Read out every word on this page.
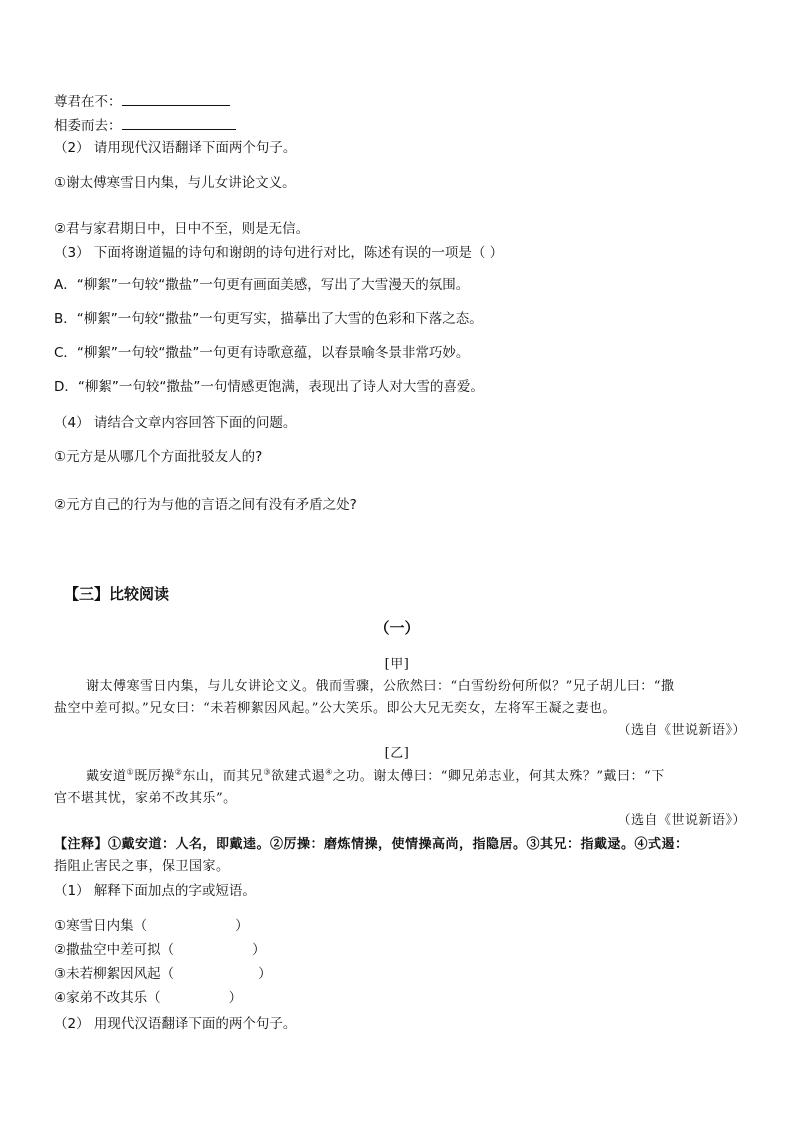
尊君在不：
相委而去：
（2） 请用现代汉语翻译下面两个句子。
①谢太傅寒雪日内集，与儿女讲论文义。
②君与家君期日中，日中不至，则是无信。
（3） 下面将谢道韫的诗句和谢朗的诗句进行对比，陈述有误的一项是（ ）
A．“柳絮”一句较“撒盐”一句更有画面美感，写出了大雪漫天的氛围。
B．“柳絮”一句较“撒盐”一句更写实，描摹出了大雪的色彩和下落之态。
C．“柳絮”一句较“撒盐”一句更有诗歌意蕴，以春景喻冬景非常巧妙。
D．“柳絮”一句较“撒盐”一句情感更饱满，表现出了诗人对大雪的喜爱。
（4） 请结合文章内容回答下面的问题。
①元方是从哪几个方面批驳友人的?
②元方自己的行为与他的言语之间有没有矛盾之处?
【三】比较阅读
（一）
[甲]
谢太傅寒雪日内集，与儿女讲论文义。俄而雪骤，公欣然曰：“白雪纷纷何所似？”兄子胡儿曰：“撒
盐空中差可拟。”兄女曰：“未若柳絮因风起。”公大笑乐。即公大兄无奕女，左将军王凝之妻也。
（选自《世说新语》）
[乙]
戴安道①既厉操②东山，而其兄③欲建式遏④之功。谢太傅曰：“卿兄弟志业，何其太殊？”戴曰：“下
官不堪其忧，家弟不改其乐”。
（选自《世说新语》）
【注释】①戴安道：人名，即戴逵。②厉操：磨炼情操，使情操高尚，指隐居。③其兄：指戴逯。④式遏：
指阻止害民之事，保卫国家。
（1） 解释下面加点的字或短语。
①寒雪日内集（	）
②撒盐空中差可拟（	）
③未若柳絮因风起（	）
④家弟不改其乐（	）
（2） 用现代汉语翻译下面的两个句子。
